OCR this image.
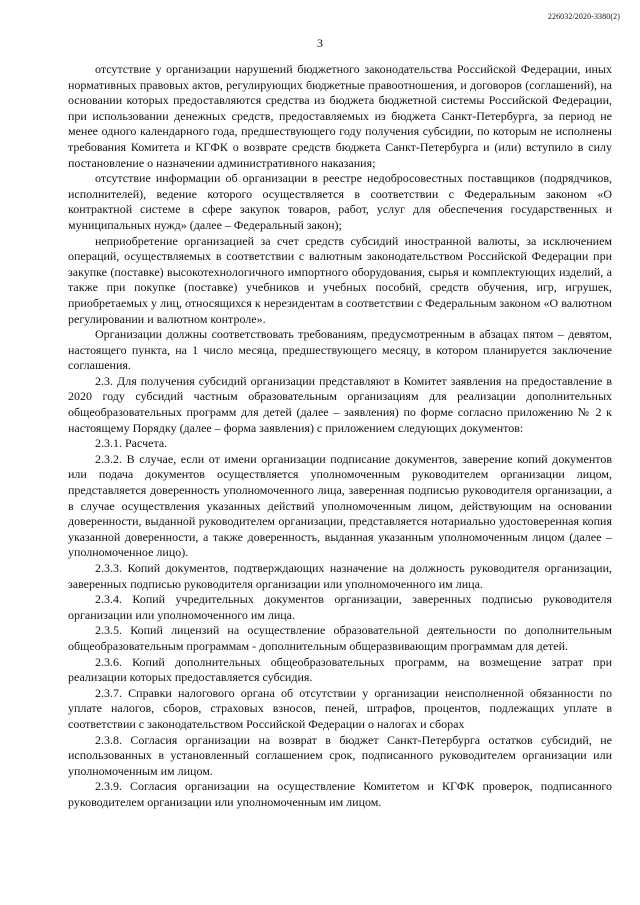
226032/2020-3380(2)
3

отсутствие у организации нарушений бюджетного законодательства Российской Федерации, иных нормативных правовых актов, регулирующих бюджетные правоотношения, и договоров (соглашений), на основании которых предоставляются средства из бюджета бюджетной системы Российской Федерации, при использовании денежных средств, предоставляемых из бюджета Санкт-Петербурга, за период не менее одного календарного года, предшествующего году получения субсидии, по которым не исполнены требования Комитета и КГФК о возврате средств бюджета Санкт-Петербурга и (или) вступило в силу постановление о назначении административного наказания;

отсутствие информации об организации в реестре недобросовестных поставщиков (подрядчиков, исполнителей), ведение которого осуществляется в соответствии с Федеральным законом «О контрактной системе в сфере закупок товаров, работ, услуг для обеспечения государственных и муниципальных нужд» (далее – Федеральный закон);

неприобретение организацией за счет средств субсидий иностранной валюты, за исключением операций, осуществляемых в соответствии с валютным законодательством Российской Федерации при закупке (поставке) высокотехнологичного импортного оборудования, сырья и комплектующих изделий, а также при покупке (поставке) учебников и учебных пособий, средств обучения, игр, игрушек, приобретаемых у лиц, относящихся к нерезидентам в соответствии с Федеральным законом «О валютном регулировании и валютном контроле».

Организации должны соответствовать требованиям, предусмотренным в абзацах пятом – девятом, настоящего пункта, на 1 число месяца, предшествующего месяцу, в котором планируется заключение соглашения.

2.3. Для получения субсидий организации представляют в Комитет заявления на предоставление в 2020 году субсидий частным образовательным организациям для реализации дополнительных общеобразовательных программ для детей (далее – заявления) по форме согласно приложению № 2 к настоящему Порядку (далее – форма заявления) с приложением следующих документов:

2.3.1. Расчета.

2.3.2. В случае, если от имени организации подписание документов, заверение копий документов или подача документов осуществляется уполномоченным руководителем организации лицом, представляется доверенность уполномоченного лица, заверенная подписью руководителя организации, а в случае осуществления указанных действий уполномоченным лицом, действующим на основании доверенности, выданной руководителем организации, представляется нотариально удостоверенная копия указанной доверенности, а также доверенность, выданная указанным уполномоченным лицом (далее – уполномоченное лицо).

2.3.3. Копий документов, подтверждающих назначение на должность руководителя организации, заверенных подписью руководителя организации или уполномоченного им лица.

2.3.4. Копий учредительных документов организации, заверенных подписью руководителя организации или уполномоченного им лица.

2.3.5. Копий лицензий на осуществление образовательной деятельности по дополнительным общеобразовательным программам - дополнительным общеразвивающим программам для детей.

2.3.6. Копий дополнительных общеобразовательных программ, на возмещение затрат при реализации которых предоставляется субсидия.

2.3.7. Справки налогового органа об отсутствии у организации неисполненной обязанности по уплате налогов, сборов, страховых взносов, пеней, штрафов, процентов, подлежащих уплате в соответствии с законодательством Российской Федерации о налогах и сборах

2.3.8. Согласия организации на возврат в бюджет Санкт-Петербурга остатков субсидий, не использованных в установленный соглашением срок, подписанного руководителем организации или уполномоченным им лицом.

2.3.9. Согласия организации на осуществление Комитетом и КГФК проверок, подписанного руководителем организации или уполномоченным им лицом.
